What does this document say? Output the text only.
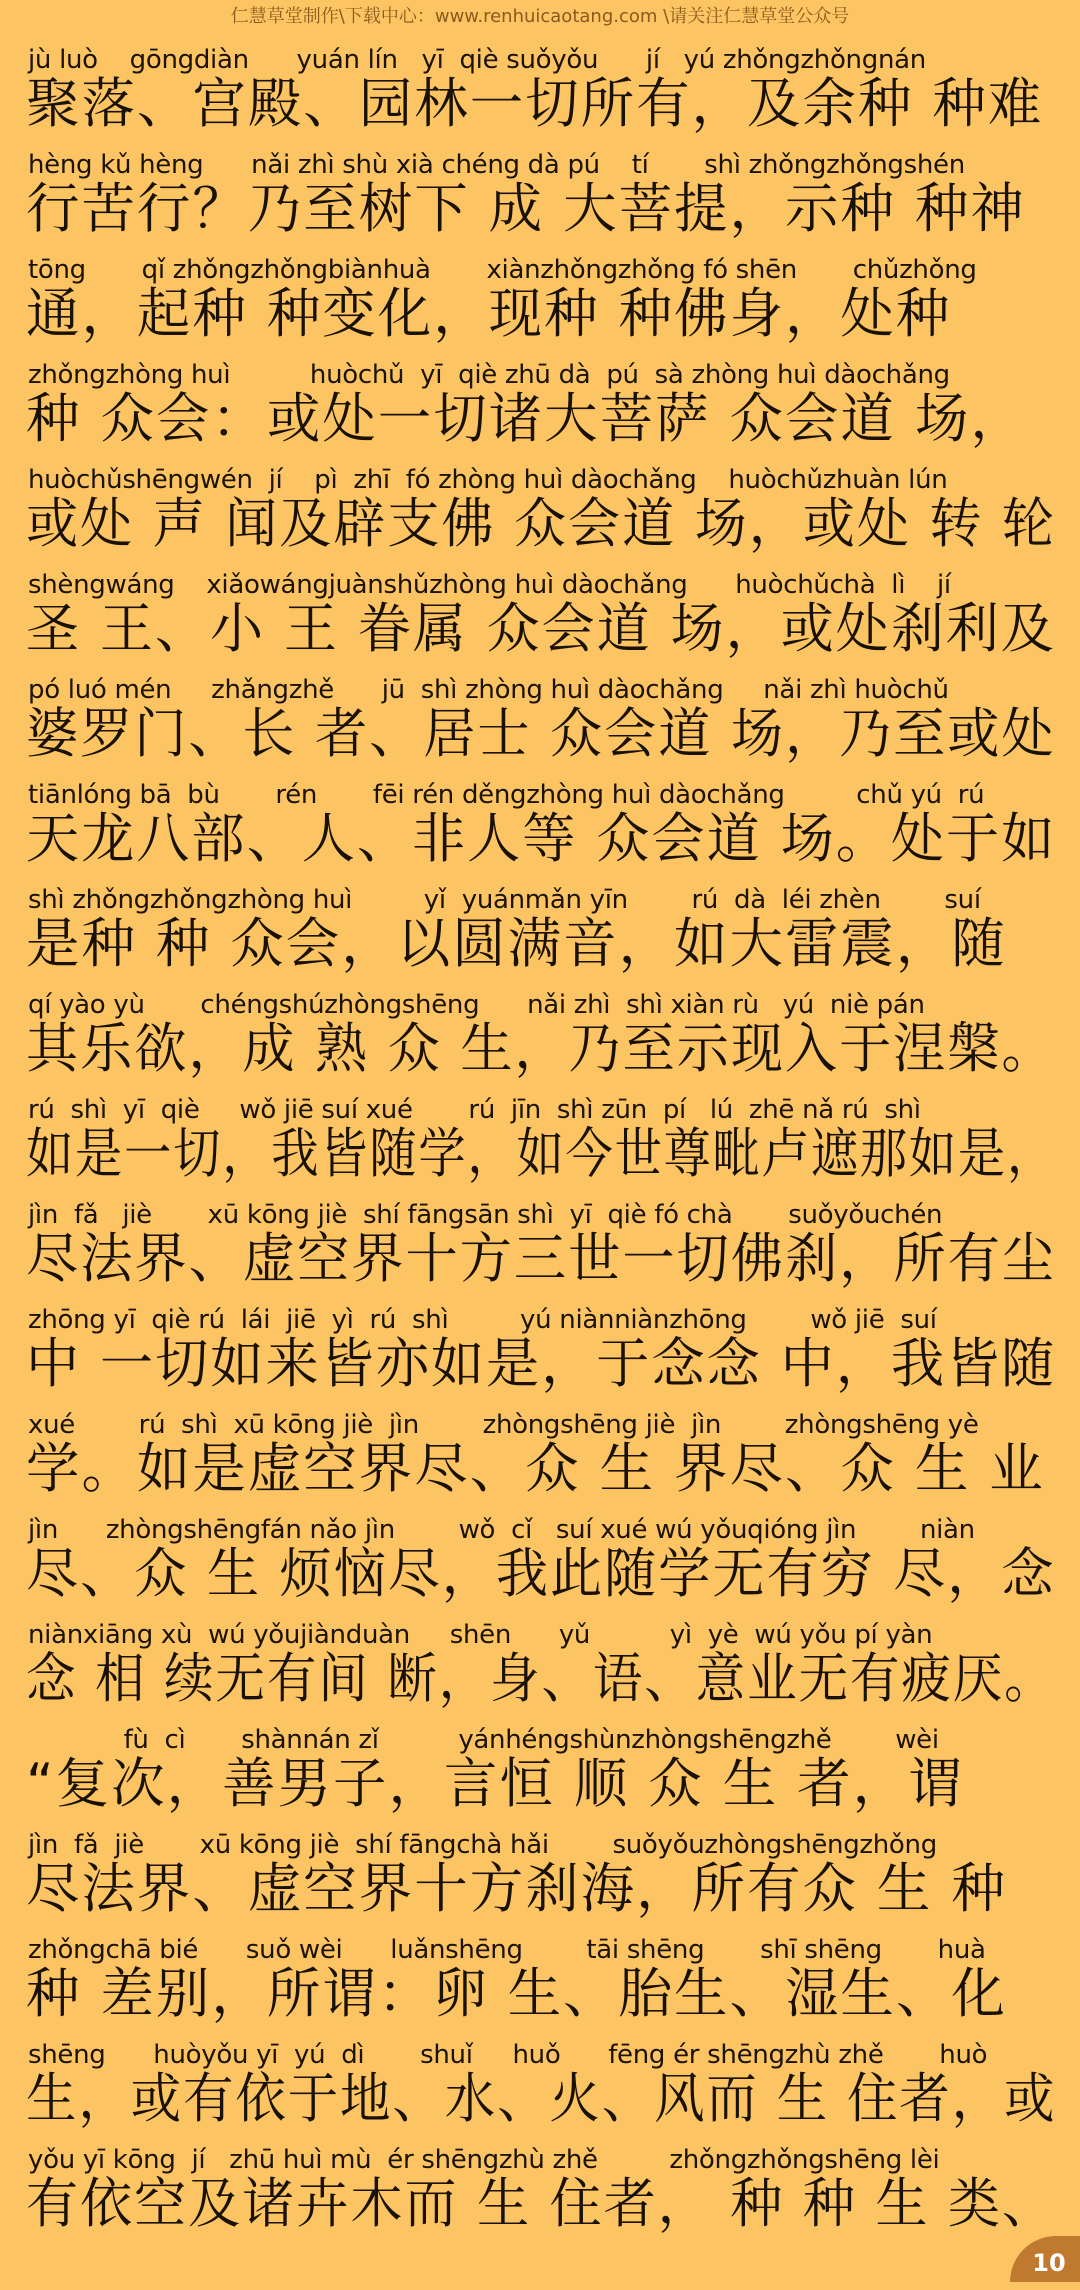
仁慧草堂制作\下载中心：www.renhuicaotang.com \请关注仁慧草堂公众号
jù luò    gōngdiàn      yuán lín   yī  qiè suǒyǒu      jí   yú zhǒngzhǒngnán
聚落、宫殿、园林一切所有，及余种 种难
hèng kǔ hèng      nǎi zhì shù xià chéng dà pú    tí       shì zhǒngzhǒngshén
行苦行？乃至树下 成 大菩提，示种 种神
tōng       qǐ zhǒngzhǒngbiànhuà       xiànzhǒngzhǒng fó shēn       chǔzhǒng
通，起种 种变化，现种 种佛身，处种
zhǒngzhòng huì          huòchǔ  yī  qiè zhū dà  pú  sà zhòng huì dàochǎng
种 众会：或处一切诸大菩萨 众会道 场，
huòchǔshēngwén  jí    pì  zhī  fó zhòng huì dàochǎng    huòchǔzhuàn lún
或处 声 闻及辟支佛 众会道 场，或处 转 轮
shèngwáng    xiǎowángjuànshǔzhòng huì dàochǎng      huòchǔchà  lì    jí
圣 王、小 王 眷属 众会道 场，或处刹利及
pó luó mén     zhǎngzhě      jū  shì zhòng huì dàochǎng     nǎi zhì huòchǔ
婆罗门、长 者、居士 众会道 场，乃至或处
tiānlóng bā  bù       rén       fēi rén děngzhòng huì dàochǎng         chǔ yú  rú
天龙八部、人、非人等 众会道 场。处于如
shì zhǒngzhǒngzhòng huì         yǐ  yuánmǎn yīn        rú  dà  léi zhèn        suí
是种 种 众会，以圆满音，如大雷震，随
qí yào yù       chéngshúzhòngshēng      nǎi zhì  shì xiàn rù   yú  niè pán
其乐欲，成 熟 众 生，乃至示现入于涅槃。
rú  shì  yī  qiè     wǒ jiē suí xué       rú  jīn  shì zūn  pí   lú  zhē nǎ rú  shì
如是一切，我皆随学，如今世尊毗卢遮那如是，
jìn  fǎ   jiè       xū kōng jiè  shí fāngsān shì  yī  qiè fó chà       suǒyǒuchén
尽法界、虚空界十方三世一切佛刹，所有尘
zhōng yī  qiè rú  lái  jiē  yì  rú  shì         yú niànniànzhōng        wǒ jiē  suí
中 一切如来皆亦如是，于念念 中，我皆随
xué        rú  shì  xū kōng jiè  jìn        zhòngshēng jiè  jìn        zhòngshēng yè
学。如是虚空界尽、众 生 界尽、众 生 业
jìn      zhòngshēngfán nǎo jìn        wǒ  cǐ   suí xué wú yǒuqióng jìn        niàn
尽、众 生 烦恼尽，我此随学无有穷 尽，念
niànxiāng xù  wú yǒujiànduàn     shēn      yǔ          yì  yè  wú yǒu pí yàn
念 相 续无有间 断，身、语、意业无有疲厌。
fù  cì       shànnán zǐ          yánhéngshùnzhòngshēngzhě        wèi
“复次，善男子，言恒 顺 众 生 者，谓
jìn  fǎ  jiè       xū kōng jiè  shí fāngchà hǎi        suǒyǒuzhòngshēngzhǒng
尽法界、虚空界十方刹海，所有众 生 种
zhǒngchā bié      suǒ wèi      luǎnshēng        tāi shēng       shī shēng       huà
种 差别，所谓：卵 生、胎生、湿生、化
shēng      huòyǒu yī  yú  dì       shuǐ     huǒ      fēng ér shēngzhù zhě       huò
生，或有依于地、水、火、风而 生 住者，或
yǒu yī kōng  jí   zhū huì mù  ér shēngzhù zhě         zhǒngzhǒngshēng lèi
有依空及诸卉木而 生 住者， 种 种 生 类、
10
